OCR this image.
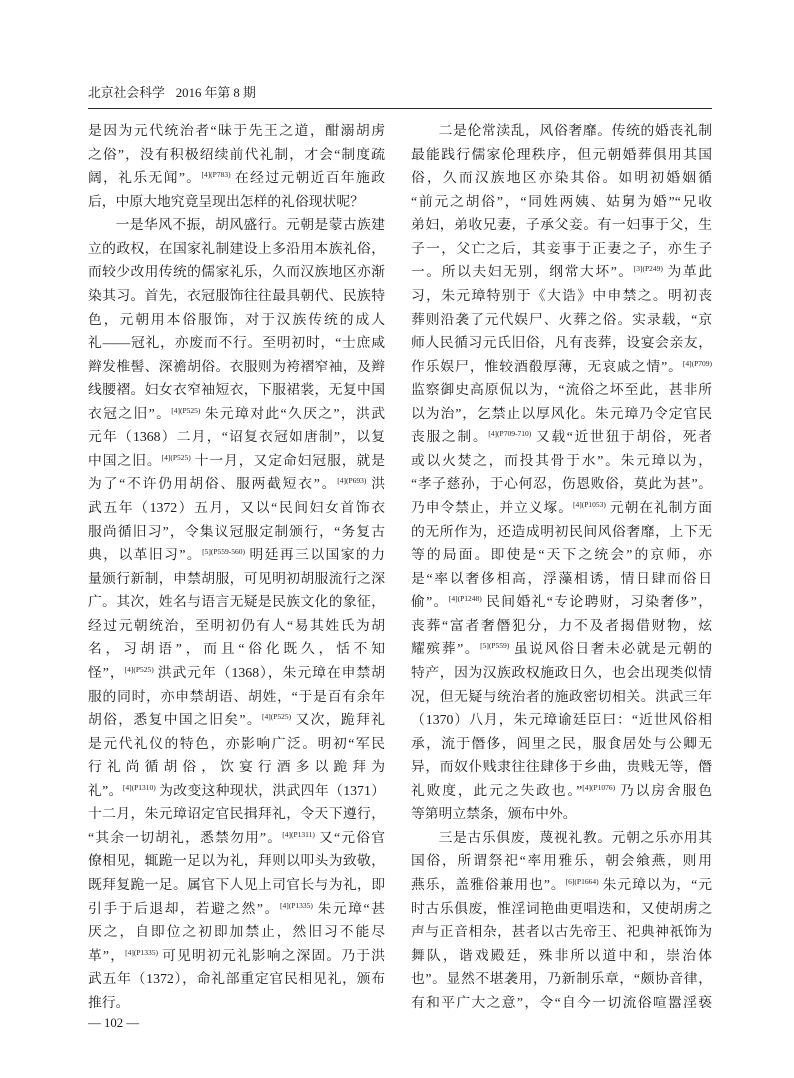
北京社会科学 2016 年第 8 期
是因为元代统治者“昧于先王之道，酣溺胡虏
之俗”，没有积极绍续前代礼制，才会“制度疏
阔，礼乐无闻”。$^{[4](P783)}$ 在经过元朝近百年施政
后，中原大地究竟呈现出怎样的礼俗现状呢？
一是华风不振，胡风盛行。元朝是蒙古族建
立的政权，在国家礼制建设上多沿用本族礼俗，
而较少改用传统的儒家礼乐，久而汉族地区亦渐
染其习。首先，衣冠服饰往往最具朝代、民族特
色，元朝用本俗服饰，对于汉族传统的成人
礼——冠礼，亦废而不行。至明初时，“士庶咸
辫发椎髻、深襜胡俗。衣服则为袴褶窄袖，及辫
线腰褶。妇女衣窄袖短衣，下服裙裳，无复中国
衣冠之旧”。$^{[4](P525)}$ 朱元璋对此“久厌之”，洪武
元年（1368）二月，“诏复衣冠如唐制”，以复
中国之旧。$^{[4](P525)}$ 十一月，又定命妇冠服，就是
为了“不许仍用胡俗、服两截短衣”。$^{[4](P693)}$ 洪
武五年（1372）五月，又以“民间妇女首饰衣
服尚循旧习”，令集议冠服定制颁行，“务复古
典，以革旧习”。$^{[5](P559-560)}$ 明廷再三以国家的力
量颁行新制，申禁胡服，可见明初胡服流行之深
广。其次，姓名与语言无疑是民族文化的象征，
经过元朝统治，至明初仍有人“易其姓氏为胡
名，习胡语”，而且“俗化既久，恬不知
怪”，$^{[4](P525)}$ 洪武元年（1368），朱元璋在申禁胡
服的同时，亦申禁胡语、胡姓，“于是百有余年
胡俗，悉复中国之旧矣”。$^{[4](P525)}$ 又次，跪拜礼
是元代礼仪的特色，亦影响广泛。明初“军民
行礼尚循胡俗，饮宴行酒多以跪拜为
礼”。$^{[4](P1310)}$ 为改变这种现状，洪武四年（1371）
十二月，朱元璋诏定官民揖拜礼，令天下遵行，
“其余一切胡礼，悉禁勿用”。$^{[4](P1311)}$ 又“元俗官
僚相见，辄跪一足以为礼，拜则以叩头为致敬，
既拜复跪一足。属官下人见上司官长与为礼，即
引手于后退却，若避之然”。$^{[4](P1335)}$ 朱元璋“甚
厌之，自即位之初即加禁止，然旧习不能尽
革”，$^{[4](P1335)}$ 可见明初元礼影响之深固。乃于洪
武五年（1372），命礼部重定官民相见礼，颁布
推行。
二是伦常渎乱，风俗奢靡。传统的婚丧礼制
最能践行儒家伦理秩序，但元朝婚葬俱用其国
俗，久而汉族地区亦染其俗。如明初婚姻循
“前元之胡俗”，“同姓两姨、姑舅为婚”“兄收
弟妇，弟收兄妻，子承父妾。有一妇事于父，生
子一，父亡之后，其妾事于正妻之子，亦生子
一。所以夫妇无别，纲常大坏”。$^{[3](P249)}$ 为革此
习，朱元璋特别于《大诰》中申禁之。明初丧
葬则沿袭了元代娱尸、火葬之俗。实录载，“京
师人民循习元氏旧俗，凡有丧葬，设宴会亲友，
作乐娱尸，惟较酒殽厚薄，无哀戚之情”。$^{[4](P709)}$
监察御史高原侃以为，“流俗之坏至此，甚非所
以为治”，乞禁止以厚风化。朱元璋乃令定官民
丧服之制。$^{[4](P709-710)}$ 又载“近世狃于胡俗，死者
或以火焚之，而投其骨于水”。朱元璋以为，
“孝子慈孙，于心何忍，伤恩败俗，莫此为甚”。
乃申令禁止，并立义塚。$^{[4](P1053)}$ 元朝在礼制方面
的无所作为，还造成明初民间风俗奢靡，上下无
等的局面。即使是“天下之统会”的京师，亦
是“率以奢侈相高，浮藻相诱，情日肆而俗日
偷”。$^{[4](P1248)}$ 民间婚礼“专论聘财，习染奢侈”，
丧葬“富者奢僭犯分，力不及者揭借财物，炫
耀殡葬”。$^{[5](P559)}$ 虽说风俗日奢未必就是元朝的
特产，因为汉族政权施政日久，也会出现类似情
况，但无疑与统治者的施政密切相关。洪武三年
（1370）八月，朱元璋谕廷臣曰：“近世风俗相
承，流于僭侈，闾里之民，服食居处与公卿无
异，而奴仆贱隶往往肆侈于乡曲，贵贱无等，僭
礼败度，此元之失政也。”$^{[4](P1076)}$ 乃以房舍服色
等第明立禁条，颁布中外。
三是古乐俱废，蔑视礼教。元朝之乐亦用其
国俗，所谓祭祀“率用雅乐，朝会飨燕，则用
燕乐，盖雅俗兼用也”。$^{[6](P1664)}$ 朱元璋以为，“元
时古乐俱废，惟淫词艳曲更唱迭和，又使胡虏之
声与正音相杂，甚者以古先帝王、祀典神祇饰为
舞队，谐戏殿廷，殊非所以道中和，崇治体
也”。显然不堪袭用，乃新制乐章，“颇协音律，
有和平广大之意”，令“自今一切流俗喧嚣淫亵
— 102 —
